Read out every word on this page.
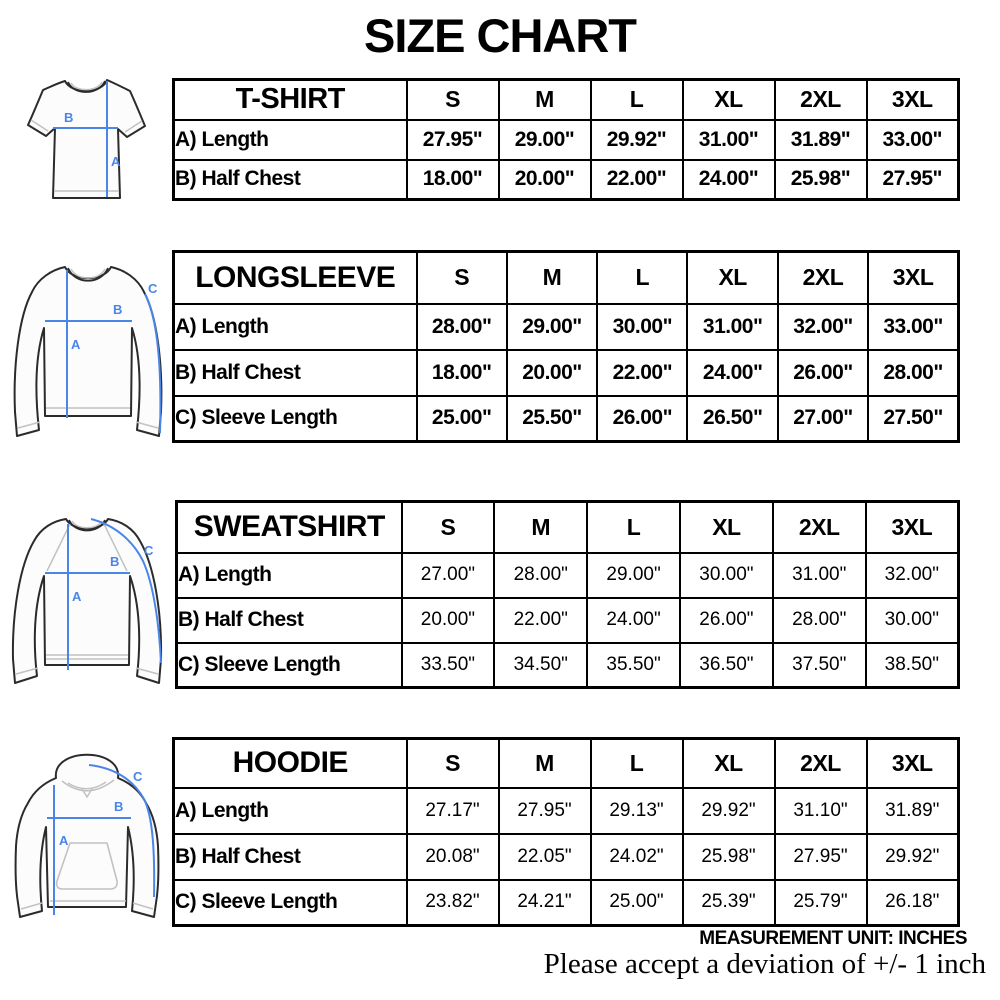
SIZE CHART
A
B
A
B
C
A
B
C
A
B
C
T-SHIRT	S	M	L	XL	2XL	3XL
A) Length	27.95"	29.00"	29.92"	31.00"	31.89"	33.00"
B) Half Chest	18.00"	20.00"	22.00"	24.00"	25.98"	27.95"
LONGSLEEVE	S	M	L	XL	2XL	3XL
A) Length	28.00"	29.00"	30.00"	31.00"	32.00"	33.00"
B) Half Chest	18.00"	20.00"	22.00"	24.00"	26.00"	28.00"
C) Sleeve Length	25.00"	25.50"	26.00"	26.50"	27.00"	27.50"
SWEATSHIRT	S	M	L	XL	2XL	3XL
A) Length	27.00"	28.00"	29.00"	30.00"	31.00"	32.00"
B) Half Chest	20.00"	22.00"	24.00"	26.00"	28.00"	30.00"
C) Sleeve Length	33.50"	34.50"	35.50"	36.50"	37.50"	38.50"
HOODIE	S	M	L	XL	2XL	3XL
A) Length	27.17"	27.95"	29.13"	29.92"	31.10"	31.89"
B) Half Chest	20.08"	22.05"	24.02"	25.98"	27.95"	29.92"
C) Sleeve Length	23.82"	24.21"	25.00"	25.39"	25.79"	26.18"
MEASUREMENT UNIT: INCHES
Please accept a deviation of +/- 1 inch
